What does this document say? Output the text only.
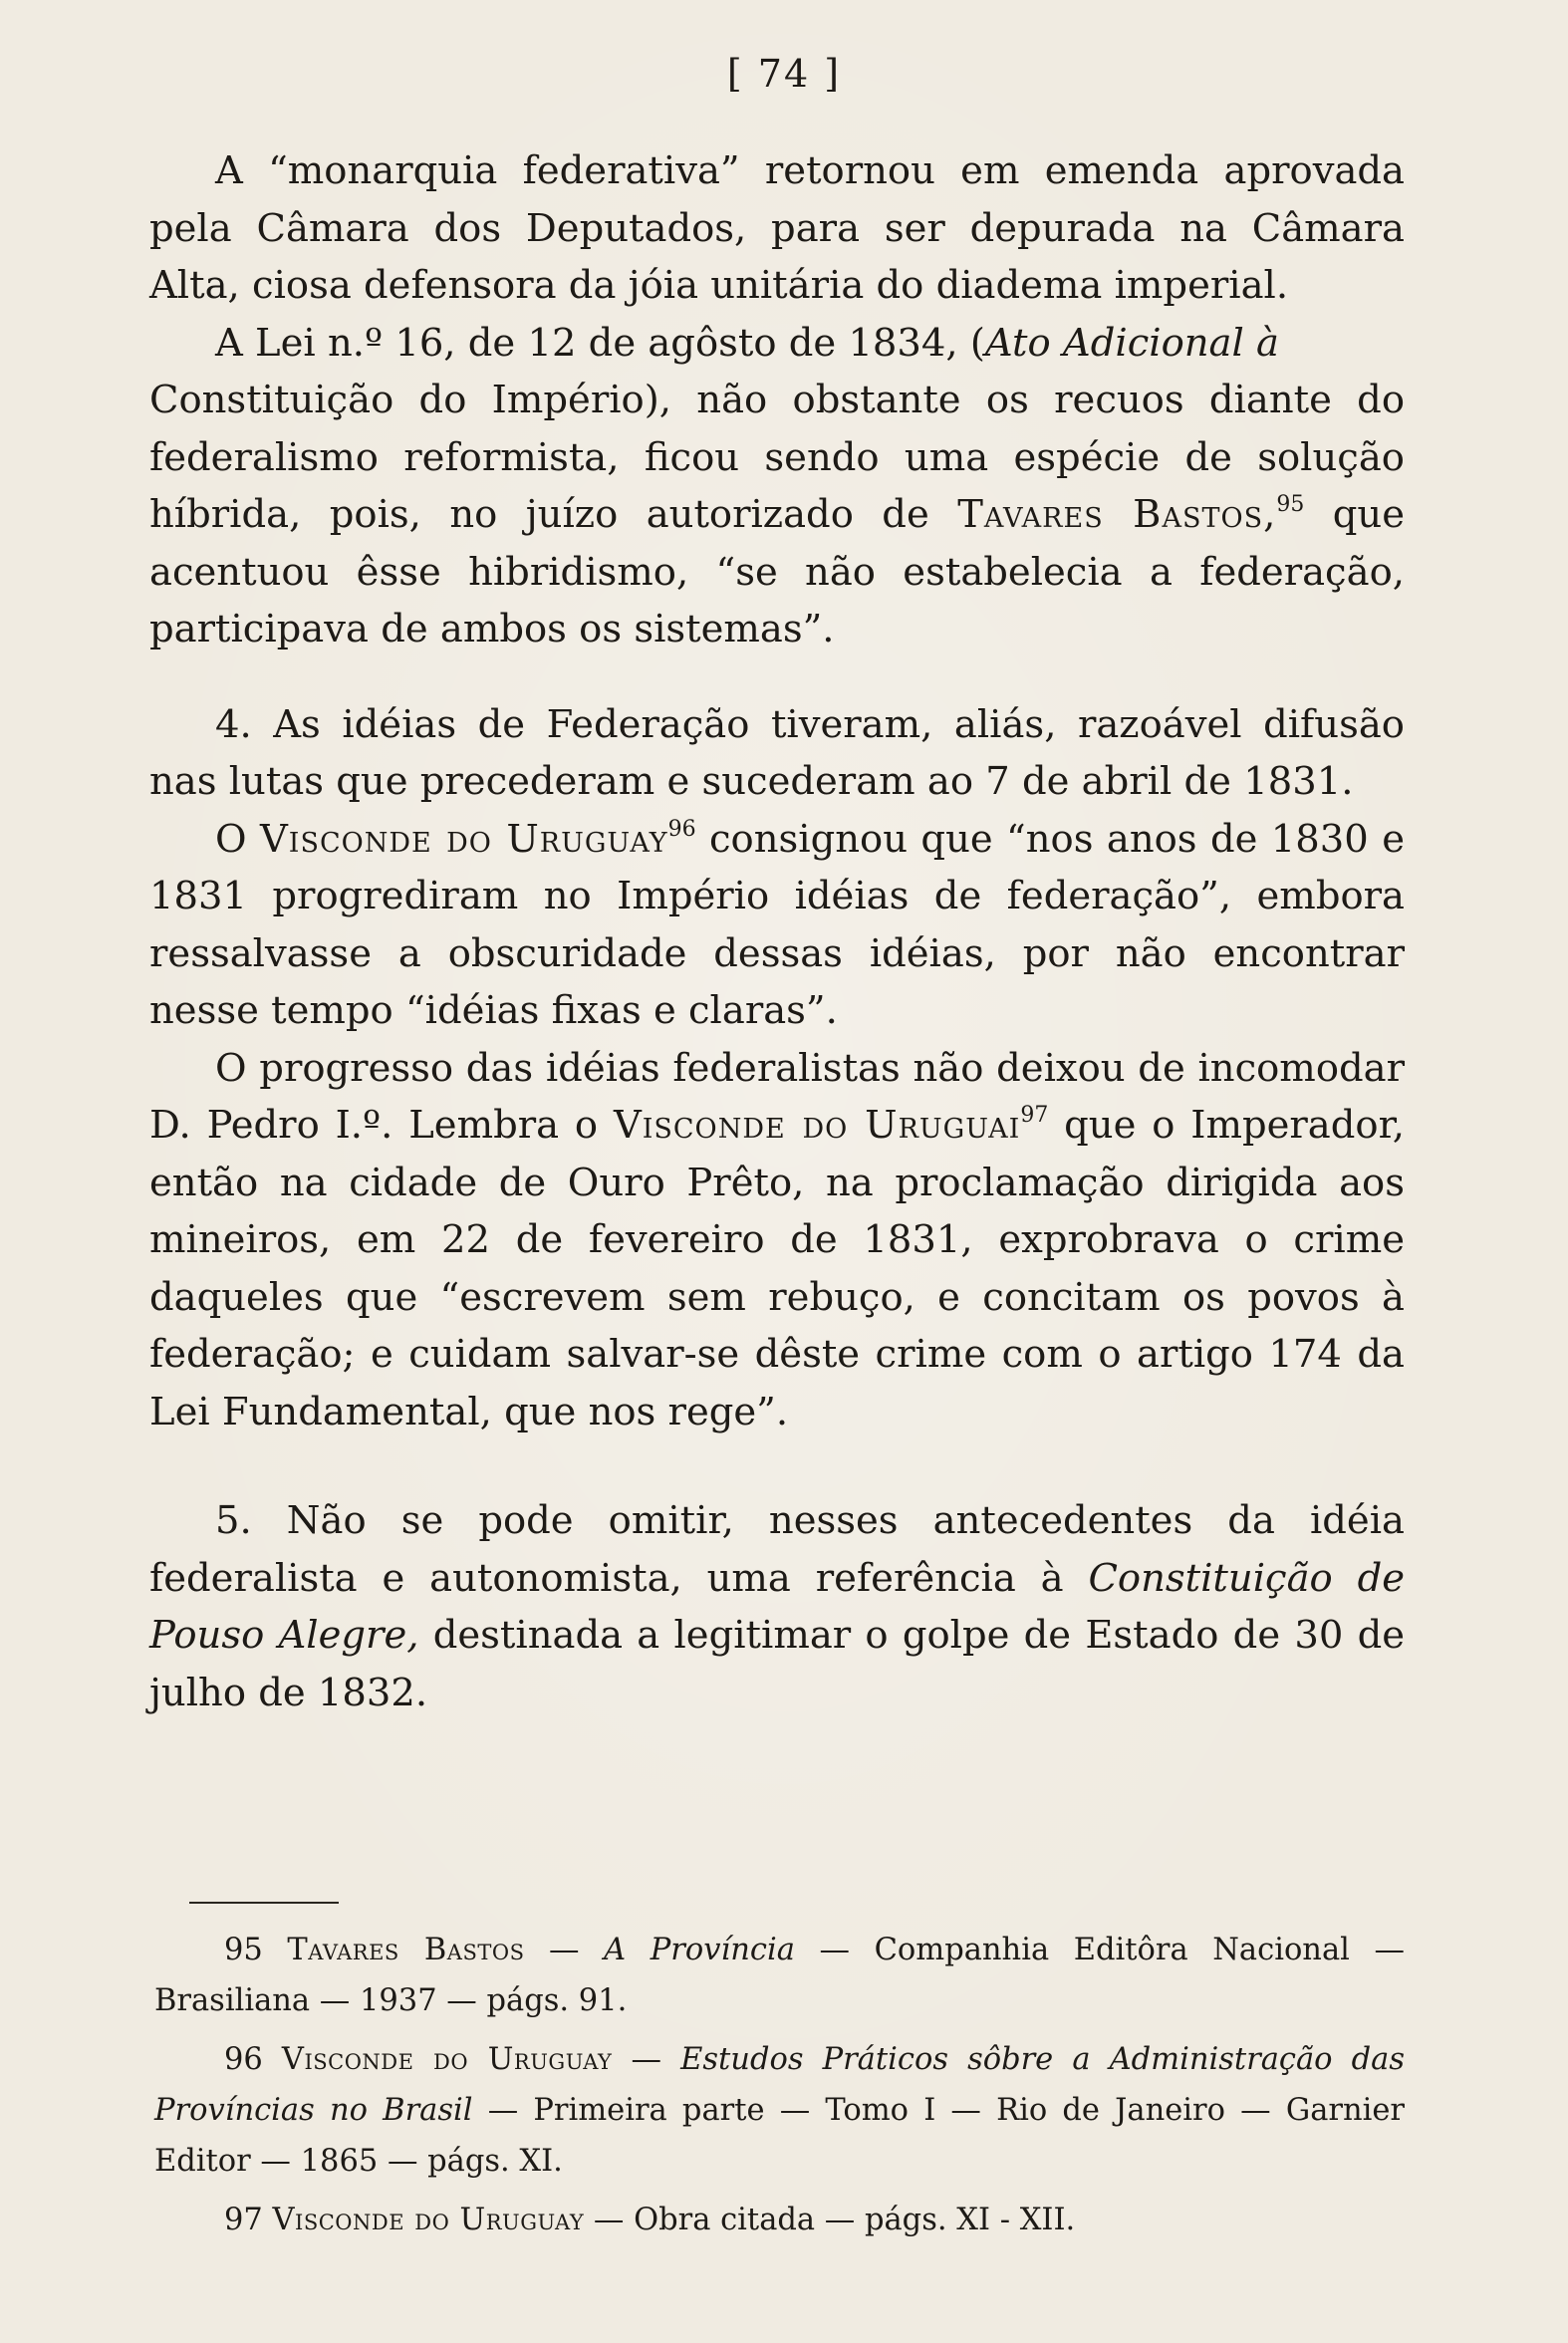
[ 74 ]

A “monarquia federativa” retornou em emenda aprovada pela Câmara dos Deputados, para ser depurada na Câmara Alta, ciosa defensora da jóia unitária do diadema imperial.

A Lei n.º 16, de 12 de agôsto de 1834, (Ato Adicional à
Constituição do Império), não obstante os recuos diante do federalismo reformista, ficou sendo uma espécie de solução híbrida, pois, no juízo autorizado de Tavares Bastos,$^{95}$ que acentuou êsse hibridismo, “se não estabelecia a federação, participava de ambos os sistemas”.

4. As idéias de Federação tiveram, aliás, razoável difusão nas lutas que precederam e sucederam ao 7 de abril de 1831.

O Visconde do Uruguay$^{96}$ consignou que “nos anos de 1830 e 1831 progrediram no Império idéias de federação”, embora ressalvasse a obscuridade dessas idéias, por não encontrar nesse tempo “idéias fixas e claras”.

O progresso das idéias federalistas não deixou de incomodar D. Pedro I.º. Lembra o Visconde do Uruguai$^{97}$ que o Imperador, então na cidade de Ouro Prêto, na proclamação dirigida aos mineiros, em 22 de fevereiro de 1831, exprobrava o crime daqueles que “escrevem sem rebuço, e concitam os povos à federação; e cuidam salvar-se dêste crime com o artigo 174 da Lei Fundamental, que nos rege”.

5. Não se pode omitir, nesses antecedentes da idéia federalista e autonomista, uma referência à Constituição de Pouso Alegre, destinada a legitimar o golpe de Estado de 30 de julho de 1832.

95 Tavares Bastos — A Província — Companhia Editôra Nacional — Brasiliana — 1937 — págs. 91.

96 Visconde do Uruguay — Estudos Práticos sôbre a Administração das Províncias no Brasil — Primeira parte — Tomo I — Rio de Janeiro — Garnier Editor — 1865 — págs. XI.

97 Visconde do Uruguay — Obra citada — págs. XI - XII.
